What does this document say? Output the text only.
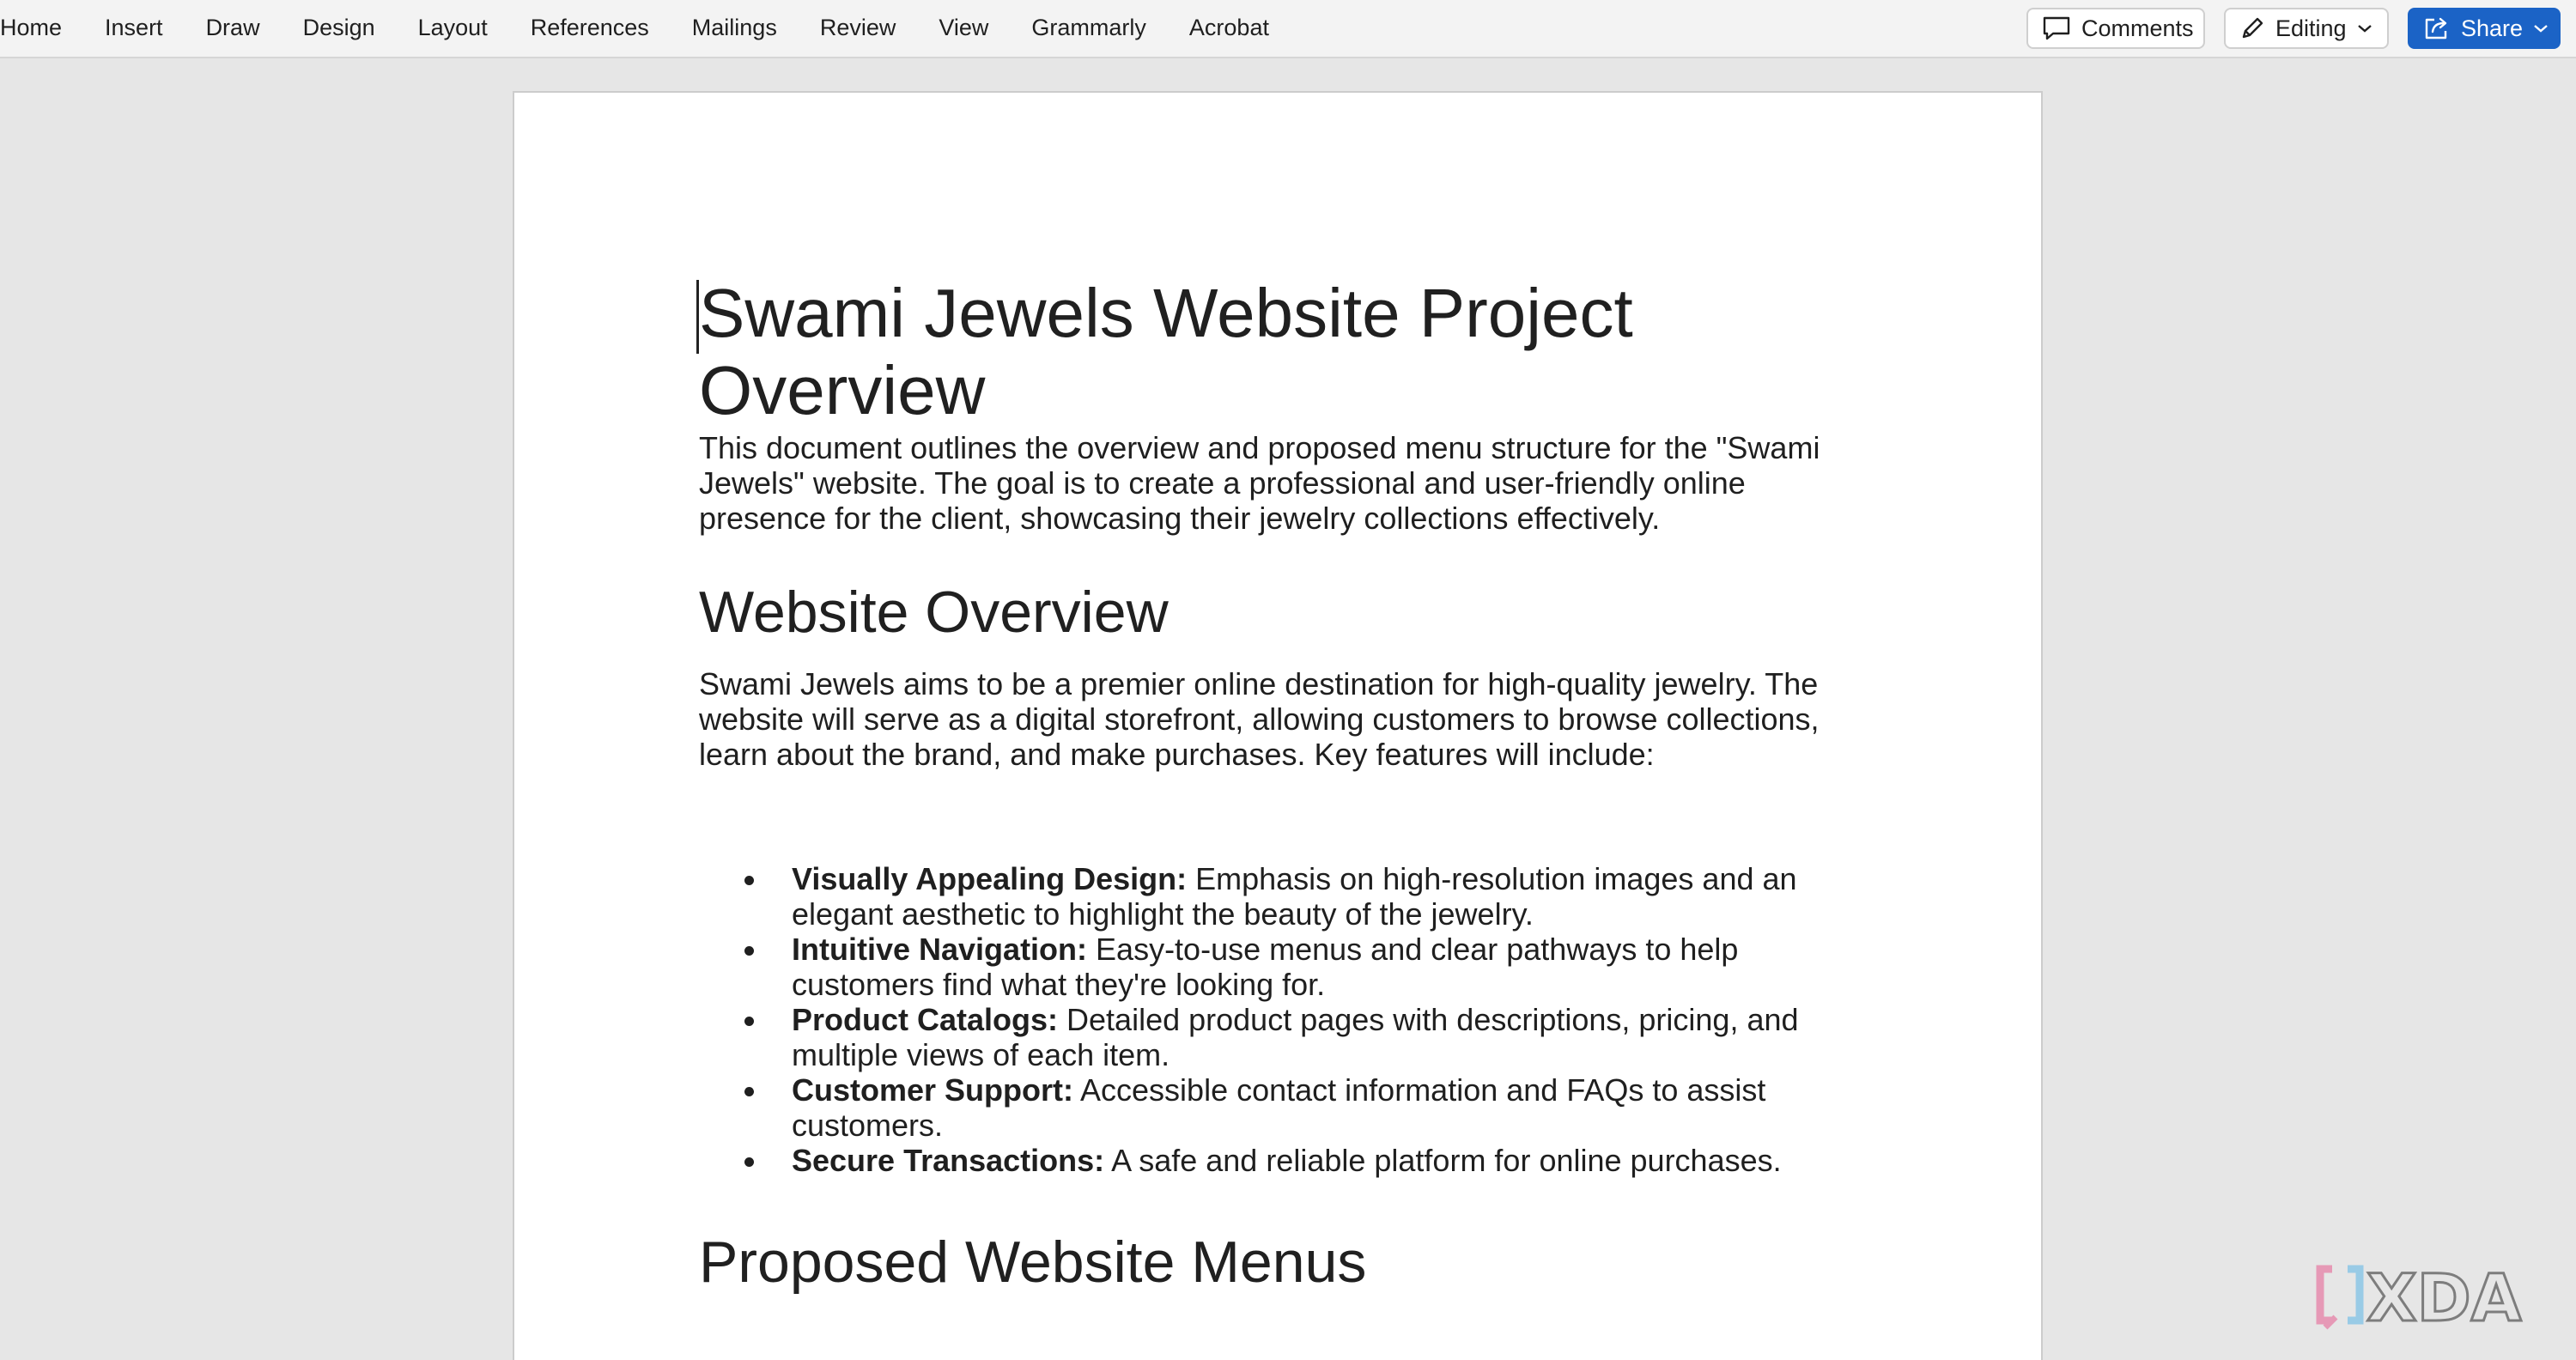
Home	Insert	Draw	Design	Layout	References	Mailings	Review	View	Grammarly	Acrobat	Comments	Editing	Share
Swami Jewels Website Project Overview

This document outlines the overview and proposed menu structure for the "Swami Jewels" website. The goal is to create a professional and user-friendly online presence for the client, showcasing their jewelry collections effectively.

Website Overview

Swami Jewels aims to be a premier online destination for high-quality jewelry. The website will serve as a digital storefront, allowing customers to browse collections, learn about the brand, and make purchases. Key features will include:

Visually Appealing Design: Emphasis on high-resolution images and an elegant aesthetic to highlight the beauty of the jewelry.
Intuitive Navigation: Easy-to-use menus and clear pathways to help customers find what they're looking for.
Product Catalogs: Detailed product pages with descriptions, pricing, and multiple views of each item.
Customer Support: Accessible contact information and FAQs to assist customers.
Secure Transactions: A safe and reliable platform for online purchases.
Proposed Website Menus	XDA
